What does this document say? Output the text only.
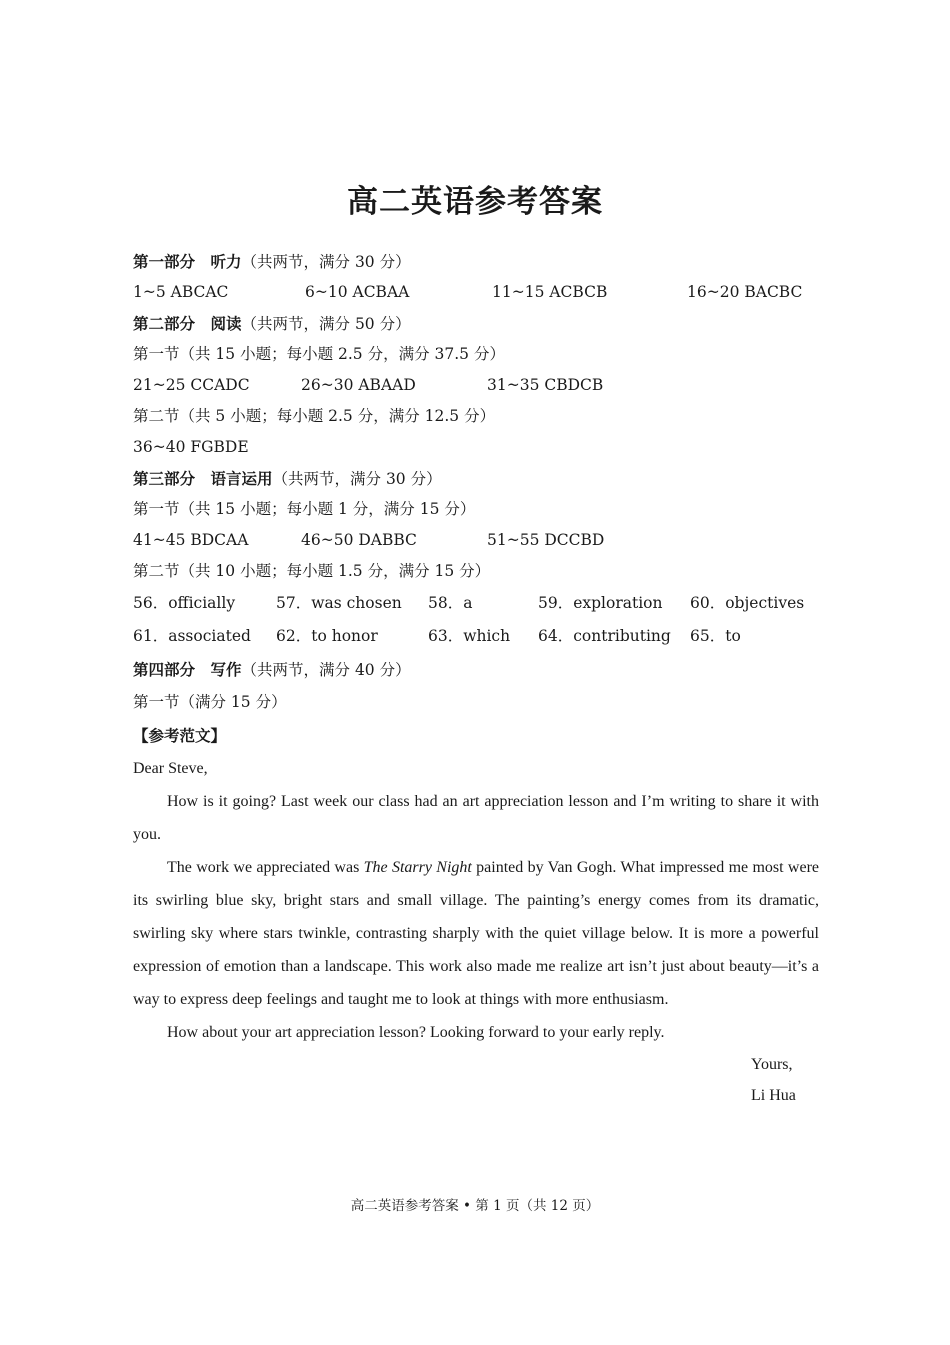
高二英语参考答案
第一部分　听力（共两节，满分 30 分）
1~5 ABCAC	6~10 ACBAA	11~15 ACBCB	16~20 BACBC
第二部分　阅读（共两节，满分 50 分）
第一节（共 15 小题；每小题 2.5 分，满分 37.5 分）
21~25 CCADC	26~30 ABAAD	31~35 CBDCB
第二节（共 5 小题；每小题 2.5 分，满分 12.5 分）
36~40 FGBDE
第三部分　语言运用（共两节，满分 30 分）
第一节（共 15 小题；每小题 1 分，满分 15 分）
41~45 BDCAA	46~50 DABBC	51~55 DCCBD
第二节（共 10 小题；每小题 1.5 分，满分 15 分）
56．officially	57．was chosen	58．a	59．exploration	60．objectives
61．associated	62．to honor	63．which	64．contributing	65．to
第四部分　写作（共两节，满分 40 分）
第一节（满分 15 分）
【参考范文】

Dear Steve,

How is it going? Last week our class had an art appreciation lesson and I’m writing to share it with you.

The work we appreciated was The Starry Night painted by Van Gogh. What impressed me most were its swirling blue sky, bright stars and small village. The painting’s energy comes from its dramatic, swirling sky where stars twinkle, contrasting sharply with the quiet village below. It is more a powerful expression of emotion than a landscape. This work also made me realize art isn’t just about beauty—it’s a way to express deep feelings and taught me to look at things with more enthusiasm.

How about your art appreciation lesson? Looking forward to your early reply.

Yours,
Li Hua
高二英语参考答案 • 第 1 页（共 12 页）
